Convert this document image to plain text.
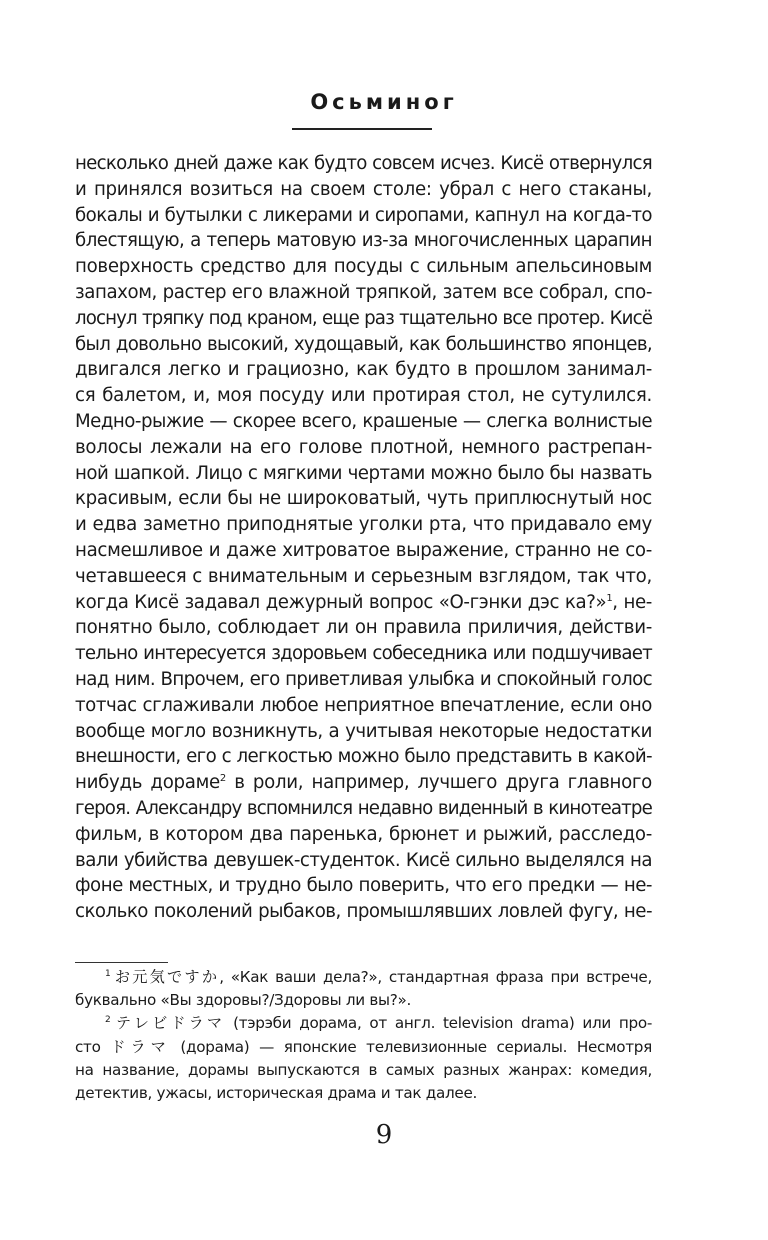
Осьминог
несколько дней даже как будто совсем исчез. Кисё отвернулся
и принялся возиться на своем столе: убрал с него стаканы,
бокалы и бутылки с ликерами и сиропами, капнул на когда-то
блестящую, а теперь матовую из-за многочисленных царапин
поверхность средство для посуды с сильным апельсиновым
запахом, растер его влажной тряпкой, затем все собрал, спо-
лоснул тряпку под краном, еще раз тщательно все протер. Кисё
был довольно высокий, худощавый, как большинство японцев,
двигался легко и грациозно, как будто в прошлом занимал-
ся балетом, и, моя посуду или протирая стол, не сутулился.
Медно-рыжие — скорее всего, крашеные — слегка волнистые
волосы лежали на его голове плотной, немного растрепан-
ной шапкой. Лицо с мягкими чертами можно было бы назвать
красивым, если бы не широковатый, чуть приплюснутый нос
и едва заметно приподнятые уголки рта, что придавало ему
насмешливое и даже хитроватое выражение, странно не со-
четавшееся с внимательным и серьезным взглядом, так что,
когда Кисё задавал дежурный вопрос «О-гэнки дэс ка?»$^1$, не-
понятно было, соблюдает ли он правила приличия, действи-
тельно интересуется здоровьем собеседника или подшучивает
над ним. Впрочем, его приветливая улыбка и спокойный голос
тотчас сглаживали любое неприятное впечатление, если оно
вообще могло возникнуть, а учитывая некоторые недостатки
внешности, его с легкостью можно было представить в какой-
нибудь дораме$^2$ в роли, например, лучшего друга главного
героя. Александру вспомнился недавно виденный в кинотеатре
фильм, в котором два паренька, брюнет и рыжий, расследо-
вали убийства девушек-студенток. Кисё сильно выделялся на
фоне местных, и трудно было поверить, что его предки — не-
сколько поколений рыбаков, промышлявших ловлей фугу, не-
$^1$ お元気ですか, «Как ваши дела?», стандартная фраза при встрече,
буквально «Вы здоровы?/Здоровы ли вы?».
$^2$ テレビドラマ (тэрэби дорама, от англ. television drama) или про-
сто ドラマ (дорама) — японские телевизионные сериалы. Несмотря
на название, дорамы выпускаются в самых разных жанрах: комедия,
детектив, ужасы, историческая драма и так далее.
9
